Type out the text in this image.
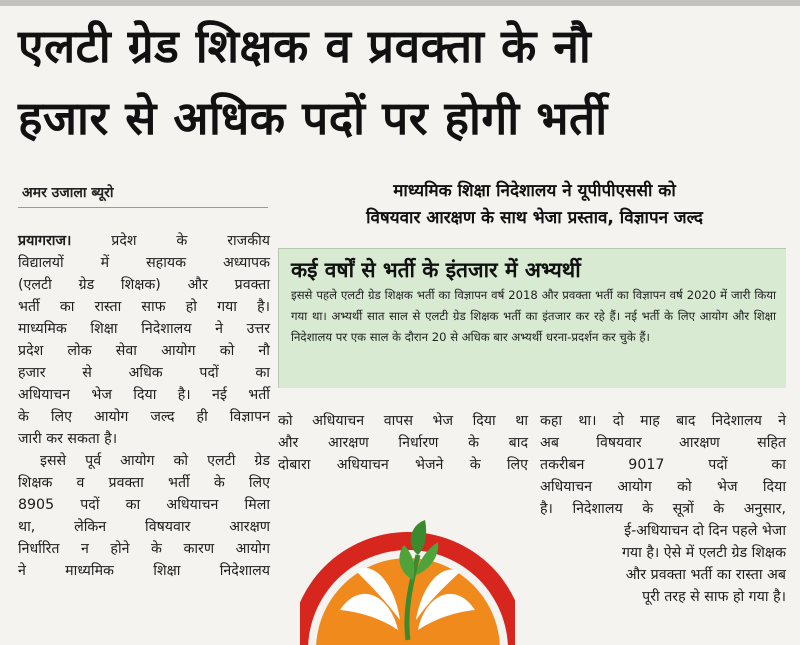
एलटी ग्रेड शिक्षक व प्रवक्ता के नौ
हजार से अधिक पदों पर होगी भर्ती
अमर उजाला ब्यूरो	माध्यमिक शिक्षा निदेशालय ने यूपीपीएससी को
विषयवार आरक्षण के साथ भेजा प्रस्ताव, विज्ञापन जल्द
कई वर्षों से भर्ती के इंतजार में अभ्यर्थी
इससे पहले एलटी ग्रेड शिक्षक भर्ती का विज्ञापन वर्ष 2018 और प्रवक्ता भर्ती का विज्ञापन वर्ष 2020 में जारी किया गया था। अभ्यर्थी सात साल से एलटी ग्रेड शिक्षक भर्ती का इंतजार कर रहे हैं। नई भर्ती के लिए आयोग और शिक्षा निदेशालय पर एक साल के दौरान 20 से अधिक बार अभ्यर्थी धरना-प्रदर्शन कर चुके हैं।
प्रयागराज। प्रदेश के राजकीय
विद्यालयों में सहायक अध्यापक
(एलटी ग्रेड शिक्षक) और प्रवक्ता
भर्ती का रास्ता साफ हो गया है।
माध्यमिक शिक्षा निदेशालय ने उत्तर
प्रदेश लोक सेवा आयोग को नौ
हजार से अधिक पदों का
अधियाचन भेज दिया है। नई भर्ती
के लिए आयोग जल्द ही विज्ञापन
जारी कर सकता है।
इससे पूर्व आयोग को एलटी ग्रेड
शिक्षक व प्रवक्ता भर्ती के लिए
8905 पदों का अधियाचन मिला
था, लेकिन विषयवार आरक्षण
निर्धारित न होने के कारण आयोग
ने माध्यमिक शिक्षा निदेशालय
को अधियाचन वापस भेज दिया था
और आरक्षण निर्धारण के बाद
दोबारा अधियाचन भेजने के लिए
कहा था। दो माह बाद निदेशालय ने
अब विषयवार आरक्षण सहित
तकरीबन 9017 पदों का
अधियाचन आयोग को भेज दिया
है। निदेशालय के सूत्रों के अनुसार,
ई-अधियाचन दो दिन पहले भेजा
गया है। ऐसे में एलटी ग्रेड शिक्षक
और प्रवक्ता भर्ती का रास्ता अब
पूरी तरह से साफ हो गया है।
